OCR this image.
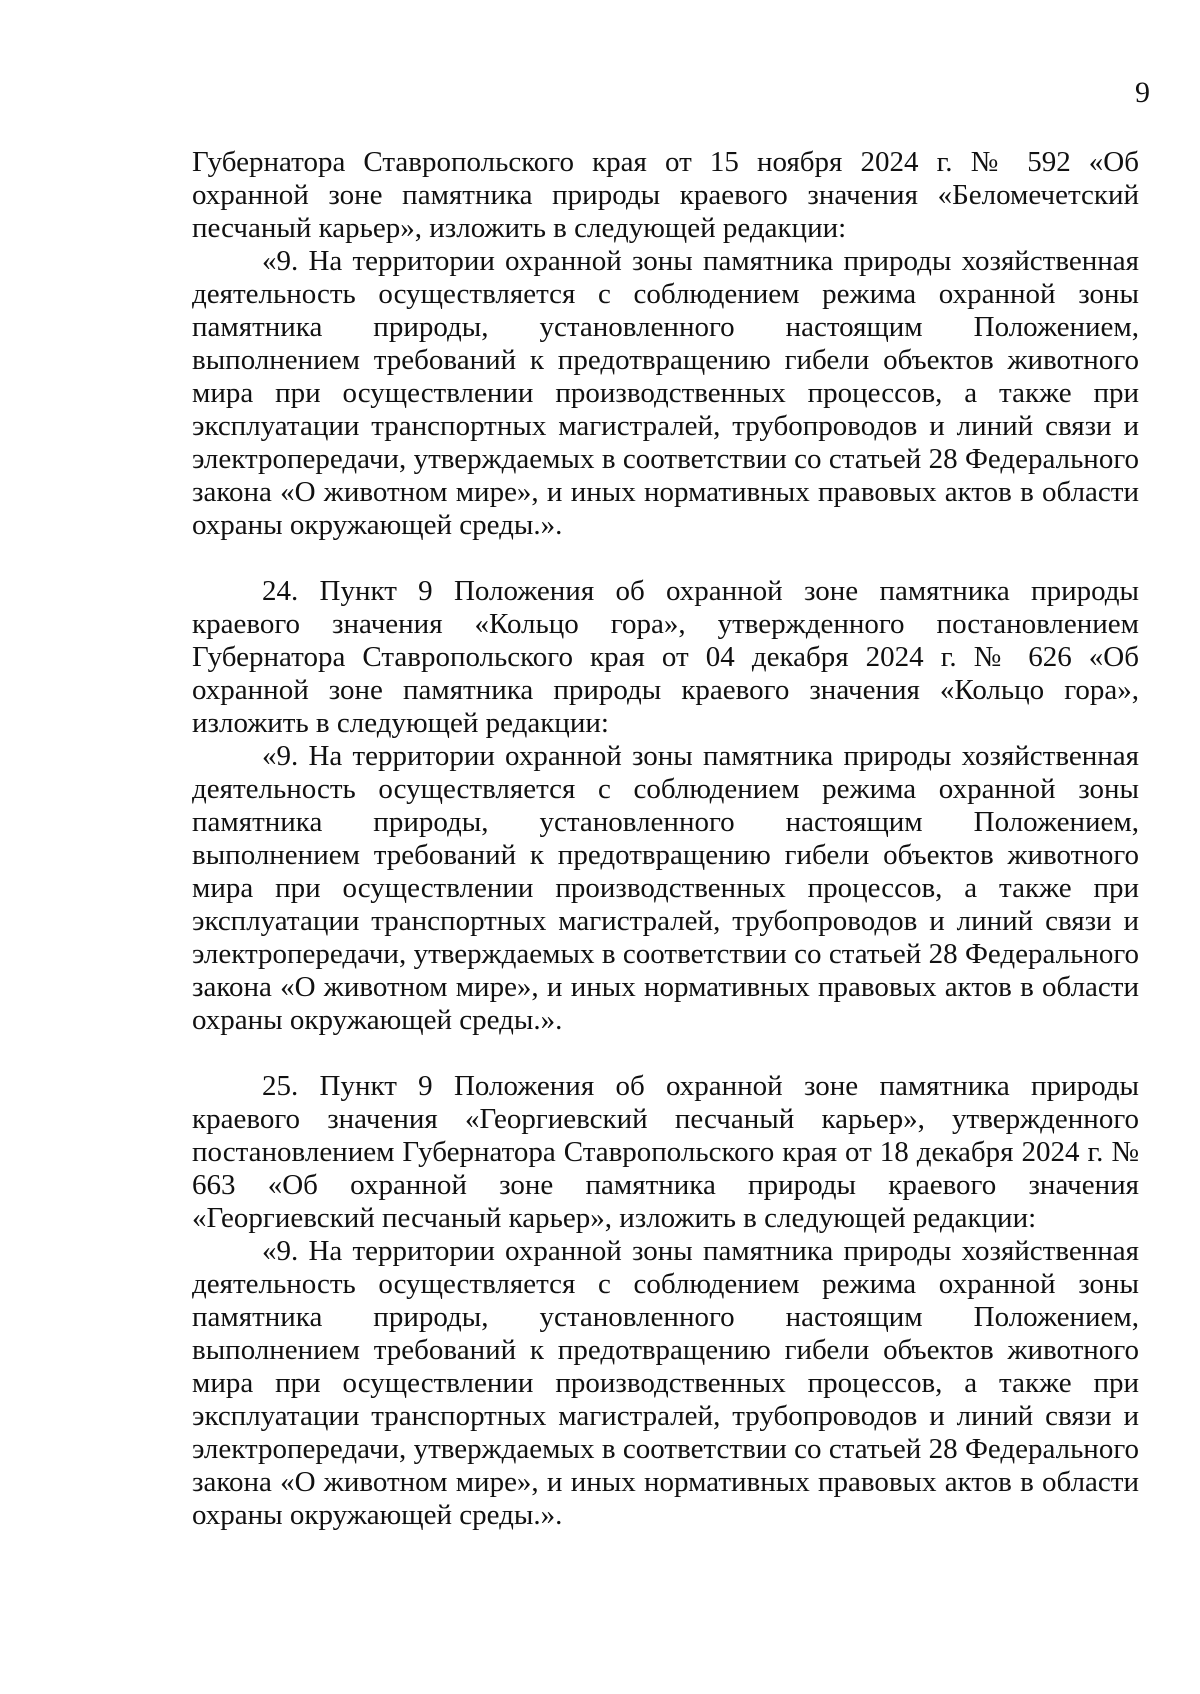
9

Губернатора Ставропольского края от 15 ноября 2024 г. № 592 «Об охранной зоне памятника природы краевого значения «Беломечетский песчаный карьер», изложить в следующей редакции:

«9. На территории охранной зоны памятника природы хозяйственная деятельность осуществляется с соблюдением режима охранной зоны памятника природы, установленного настоящим Положением, выполнением требований к предотвращению гибели объектов животного мира при осуществлении производственных процессов, а также при эксплуатации транспортных магистралей, трубопроводов и линий связи и электропередачи, утверждаемых в соответствии со статьей 28 Федерального закона «О животном мире», и иных нормативных правовых актов в области охраны окружающей среды.».

24. Пункт 9 Положения об охранной зоне памятника природы краевого значения «Кольцо гора», утвержденного постановлением Губернатора Ставропольского края от 04 декабря 2024 г. № 626 «Об охранной зоне памятника природы краевого значения «Кольцо гора», изложить в следующей редакции:

«9. На территории охранной зоны памятника природы хозяйственная деятельность осуществляется с соблюдением режима охранной зоны памятника природы, установленного настоящим Положением, выполнением требований к предотвращению гибели объектов животного мира при осуществлении производственных процессов, а также при эксплуатации транспортных магистралей, трубопроводов и линий связи и электропередачи, утверждаемых в соответствии со статьей 28 Федерального закона «О животном мире», и иных нормативных правовых актов в области охраны окружающей среды.».

25. Пункт 9 Положения об охранной зоне памятника природы краевого значения «Георгиевский песчаный карьер», утвержденного постановлением Губернатора Ставропольского края от 18 декабря 2024 г. № 663 «Об охранной зоне памятника природы краевого значения «Георгиевский песчаный карьер», изложить в следующей редакции:

«9. На территории охранной зоны памятника природы хозяйственная деятельность осуществляется с соблюдением режима охранной зоны памятника природы, установленного настоящим Положением, выполнением требований к предотвращению гибели объектов животного мира при осуществлении производственных процессов, а также при эксплуатации транспортных магистралей, трубопроводов и линий связи и электропередачи, утверждаемых в соответствии со статьей 28 Федерального закона «О животном мире», и иных нормативных правовых актов в области охраны окружающей среды.».
